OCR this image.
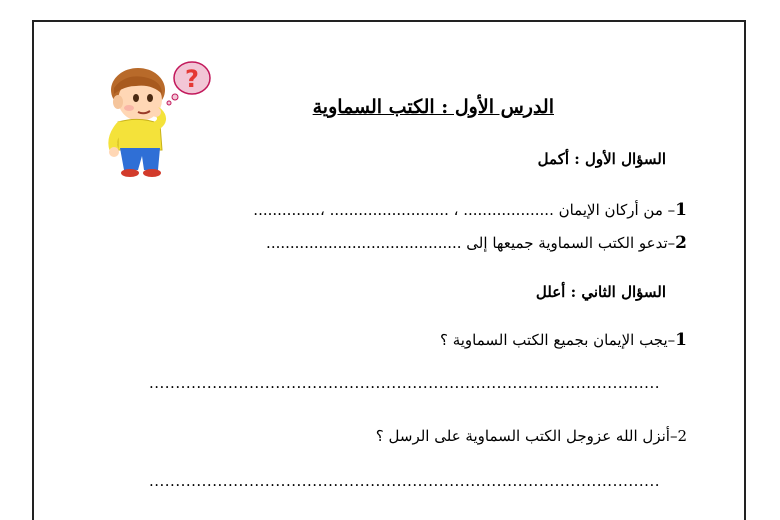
?
الدرس الأول : الكتب السماوية
السؤال الأول : أكمل
1– من أركان الإيمان ................... ، ......................... ،..............
2–تدعو الكتب السماوية جميعها إلى .........................................
السؤال الثاني : أعلل
1–يجب الإيمان بجميع الكتب السماوية ؟
.................................................................................................
2–أنزل الله عزوجل الكتب السماوية على الرسل ؟
.................................................................................................
